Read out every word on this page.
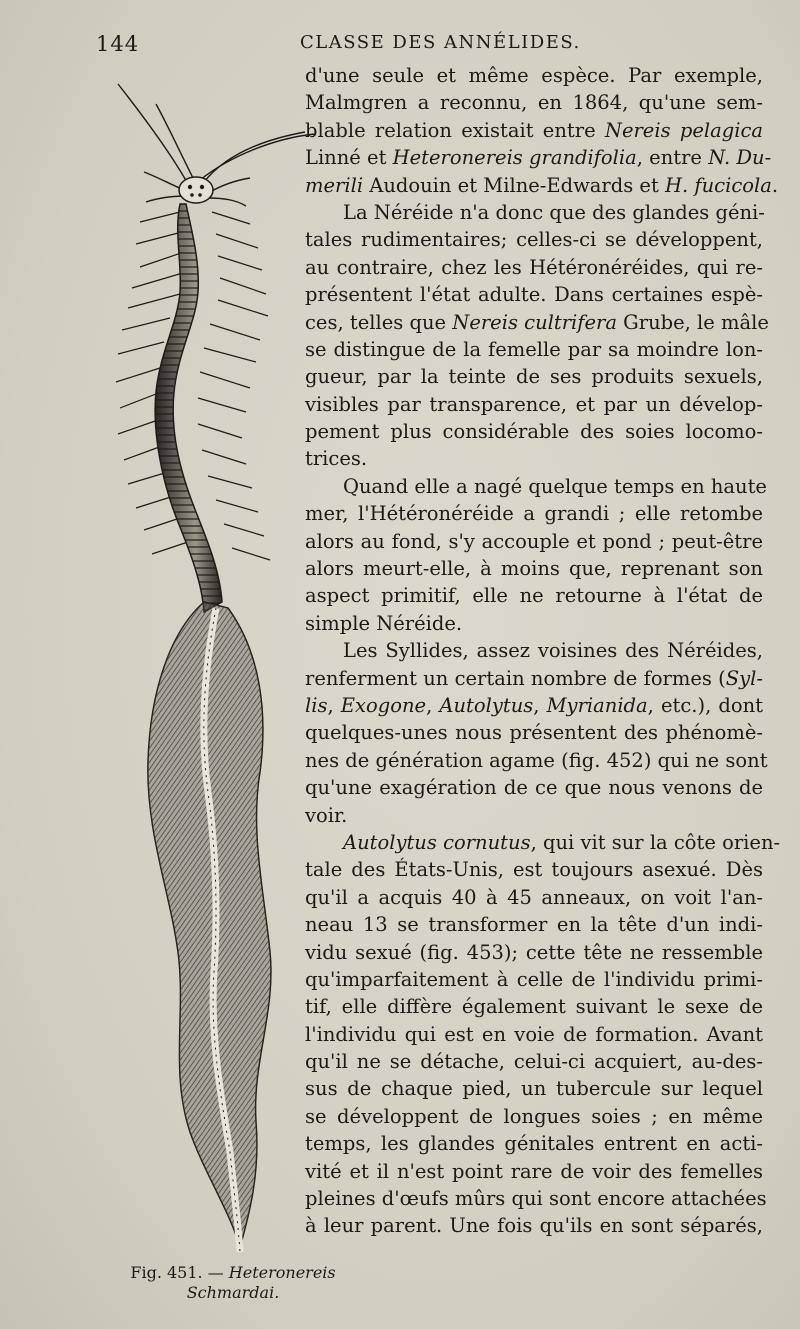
144	CLASSE DES ANNÉLIDES.
Fig. 451. — Heteronereis
Schmardai.
d'une seule et même espèce. Par exemple,
Malmgren a reconnu, en 1864, qu'une sem-
blable relation existait entre Nereis pelagica
Linné et Heteronereis grandifolia, entre N. Du-
merili Audouin et Milne-Edwards et H. fucicola.
La Néréide n'a donc que des glandes géni-
tales rudimentaires; celles-ci se développent,
au contraire, chez les Hétéronéréides, qui re-
présentent l'état adulte. Dans certaines espè-
ces, telles que Nereis cultrifera Grube, le mâle
se distingue de la femelle par sa moindre lon-
gueur, par la teinte de ses produits sexuels,
visibles par transparence, et par un dévelop-
pement plus considérable des soies locomo-
trices.
Quand elle a nagé quelque temps en haute
mer, l'Hétéronéréide a grandi ; elle retombe
alors au fond, s'y accouple et pond ; peut-être
alors meurt-elle, à moins que, reprenant son
aspect primitif, elle ne retourne à l'état de
simple Néréide.
Les Syllides, assez voisines des Néréides,
renferment un certain nombre de formes (Syl-
lis, Exogone, Autolytus, Myrianida, etc.), dont
quelques-unes nous présentent des phénomè-
nes de génération agame (fig. 452) qui ne sont
qu'une exagération de ce que nous venons de
voir.
Autolytus cornutus, qui vit sur la côte orien-
tale des États-Unis, est toujours asexué. Dès
qu'il a acquis 40 à 45 anneaux, on voit l'an-
neau 13 se transformer en la tête d'un indi-
vidu sexué (fig. 453); cette tête ne ressemble
qu'imparfaitement à celle de l'individu primi-
tif, elle diffère également suivant le sexe de
l'individu qui est en voie de formation. Avant
qu'il ne se détache, celui-ci acquiert, au-des-
sus de chaque pied, un tubercule sur lequel
se développent de longues soies ; en même
temps, les glandes génitales entrent en acti-
vité et il n'est point rare de voir des femelles
pleines d'œufs mûrs qui sont encore attachées
à leur parent. Une fois qu'ils en sont séparés,
